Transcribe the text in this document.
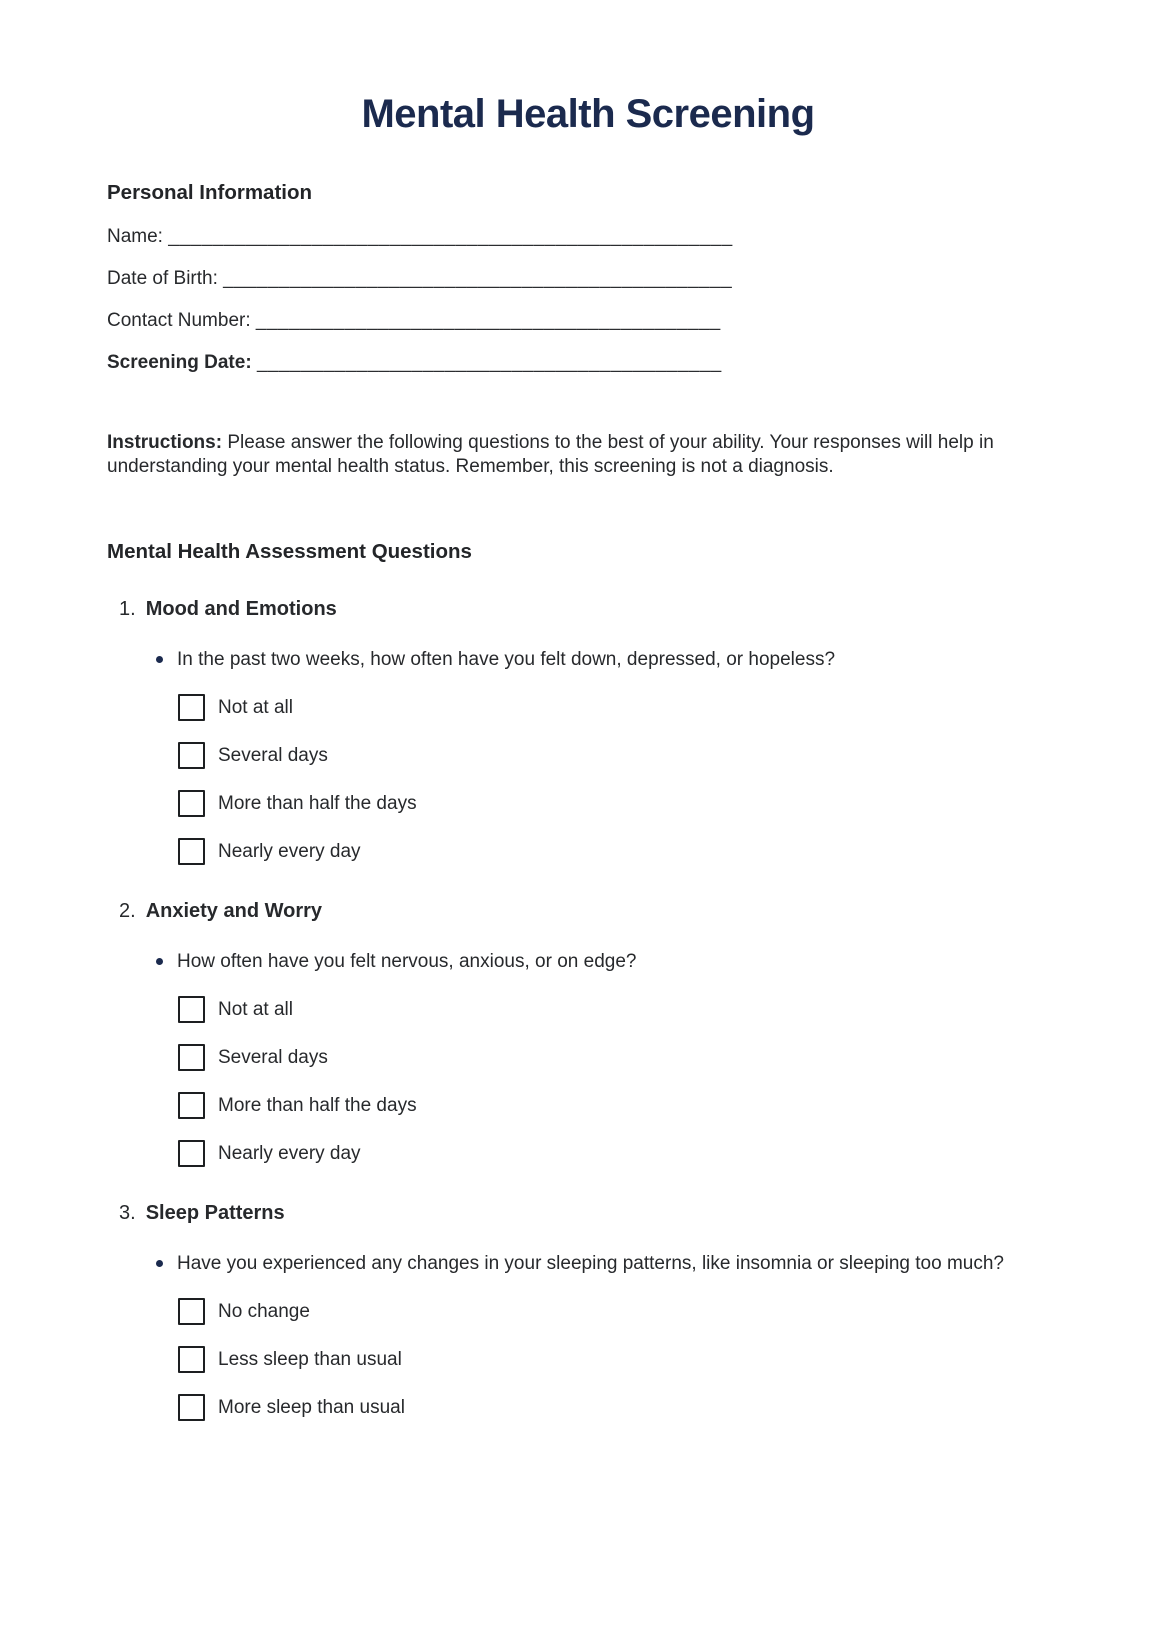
Mental Health Screening
Personal Information
Name: ___________________________________________________
Date of Birth: ______________________________________________
Contact Number: __________________________________________
Screening Date: __________________________________________

Instructions: Please answer the following questions to the best of your ability. Your responses will help in understanding your mental health status. Remember, this screening is not a diagnosis.

Mental Health Assessment Questions
1. Mood and Emotions
In the past two weeks, how often have you felt down, depressed, or hopeless?
Not at all
Several days
More than half the days
Nearly every day
2. Anxiety and Worry
How often have you felt nervous, anxious, or on edge?
Not at all
Several days
More than half the days
Nearly every day
3. Sleep Patterns
Have you experienced any changes in your sleeping patterns, like insomnia or sleeping too much?
No change
Less sleep than usual
More sleep than usual
